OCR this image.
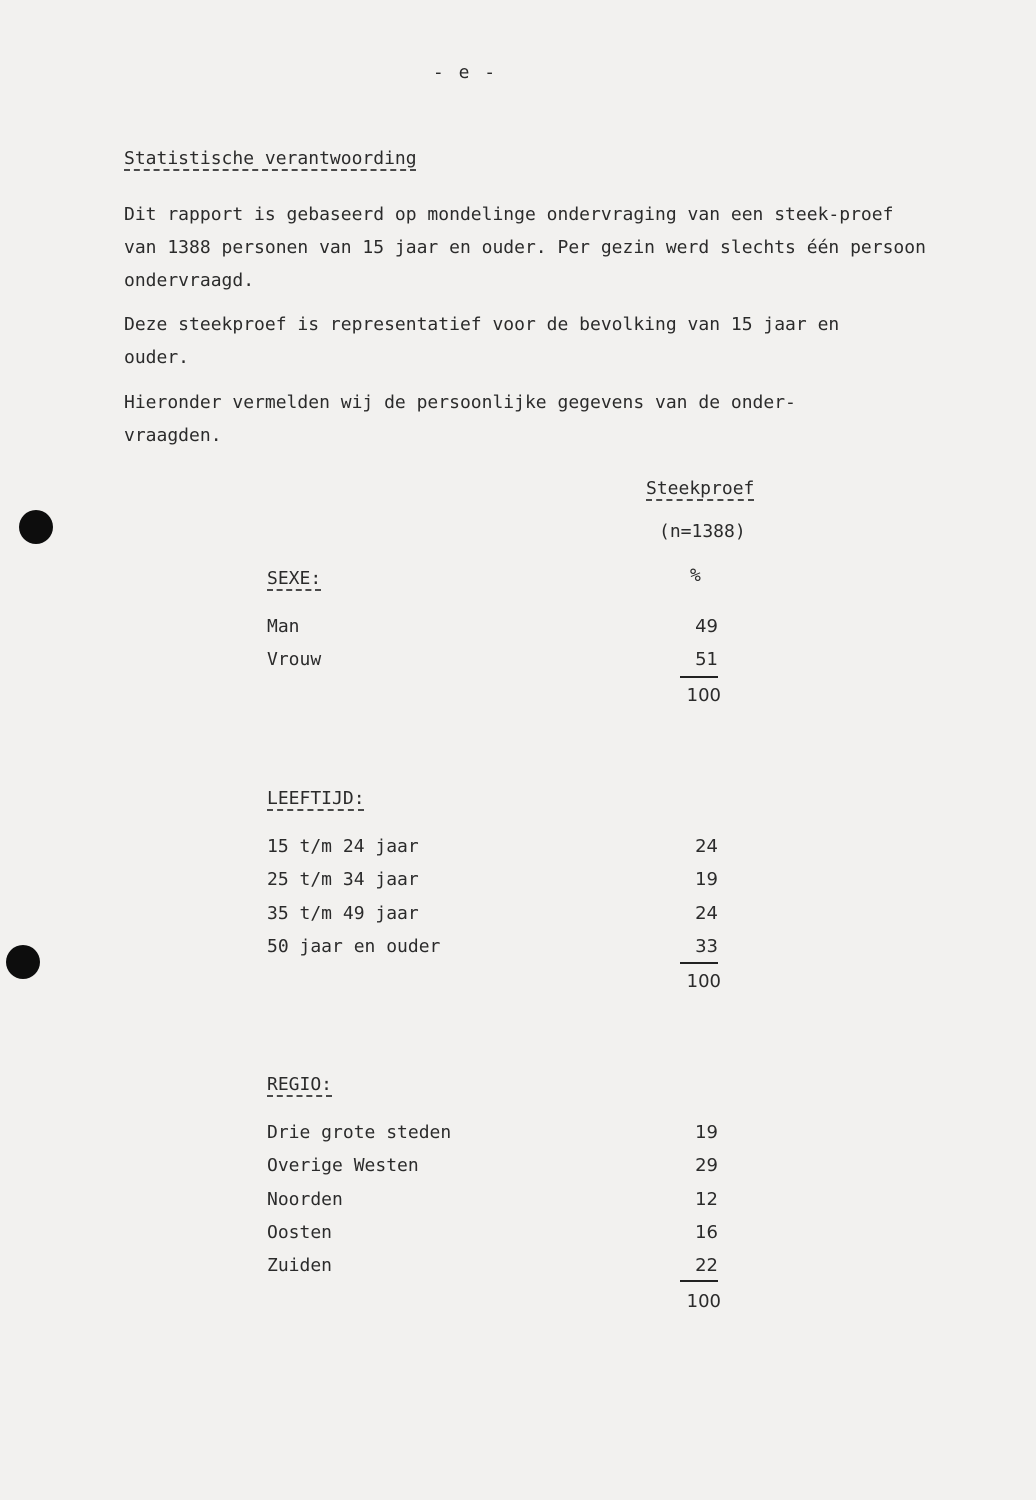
- e -
Statistische verantwoording

Dit rapport is gebaseerd op mondelinge ondervraging van een steek-proef van 1388 personen van 15 jaar en ouder. Per gezin werd slechts één persoon ondervraagd.

Deze steekproef is representatief voor de bevolking van 15 jaar en ouder.

Hieronder vermelden wij de persoonlijke gegevens van de onder-vraagden.

Steekproef
(n=1388)
%
SEXE:
Man	49
Vrouw	51
100
LEEFTIJD:
15 t/m 24 jaar	24
25 t/m 34 jaar	19
35 t/m 49 jaar	24
50 jaar en ouder	33
100
REGIO:
Drie grote steden	19
Overige Westen	29
Noorden	12
Oosten	16
Zuiden	22
100
